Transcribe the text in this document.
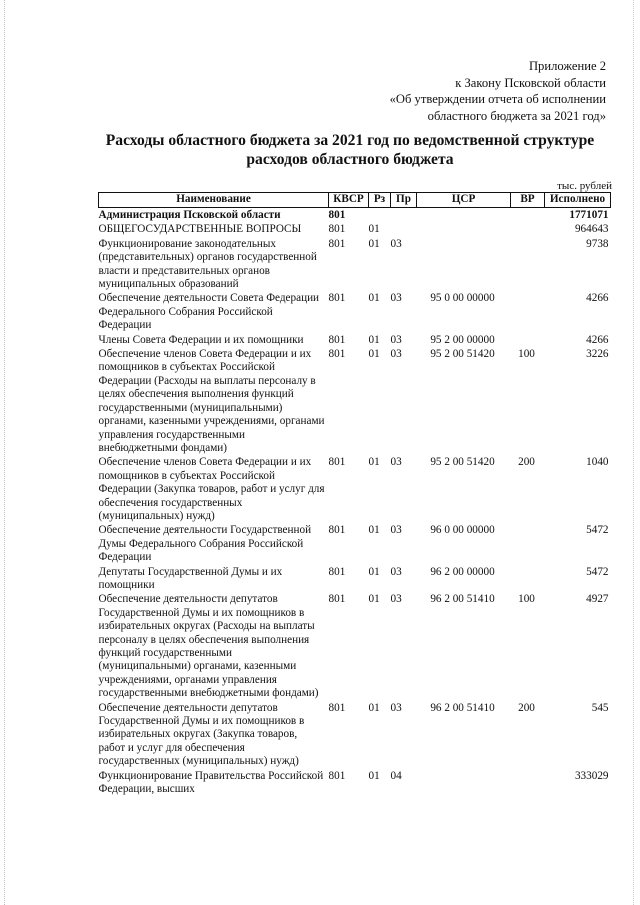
Приложение 2
к Закону Псковской области
«Об утверждении отчета об исполнении
областного бюджета за 2021 год»
Расходы областного бюджета за 2021 год по ведомственной структуре
расходов областного бюджета
тыс. рублей
Наименование	КВСР	Рз	Пр	ЦСР	ВР	Исполнено
Администрация Псковской области	801					1771071
ОБЩЕГОСУДАРСТВЕННЫЕ ВОПРОСЫ	801	01				964643
Функционирование законодательных (представительных) органов государственной власти и представительных органов муниципальных образований	801	01	03			9738
Обеспечение деятельности Совета Федерации Федерального Собрания Российской Федерации	801	01	03	95 0 00 00000		4266
Члены Совета Федерации и их помощники	801	01	03	95 2 00 00000		4266
Обеспечение членов Совета Федерации и их помощников в субъектах Российской Федерации (Расходы на выплаты персоналу в целях обеспечения выполнения функций государственными (муниципальными) органами, казенными учреждениями, органами управления государственными внебюджетными фондами)	801	01	03	95 2 00 51420	100	3226
Обеспечение членов Совета Федерации и их помощников в субъектах Российской Федерации (Закупка товаров, работ и услуг для обеспечения государственных (муниципальных) нужд)	801	01	03	95 2 00 51420	200	1040
Обеспечение деятельности Государственной Думы Федерального Собрания Российской Федерации	801	01	03	96 0 00 00000		5472
Депутаты Государственной Думы и их помощники	801	01	03	96 2 00 00000		5472
Обеспечение деятельности депутатов Государственной Думы и их помощников в избирательных округах (Расходы на выплаты персоналу в целях обеспечения выполнения функций государственными (муниципальными) органами, казенными учреждениями, органами управления государственными внебюджетными фондами)	801	01	03	96 2 00 51410	100	4927
Обеспечение деятельности депутатов Государственной Думы и их помощников в избирательных округах (Закупка товаров, работ и услуг для обеспечения государственных (муниципальных) нужд)	801	01	03	96 2 00 51410	200	545
Функционирование Правительства Российской Федерации, высших	801	01	04			333029
